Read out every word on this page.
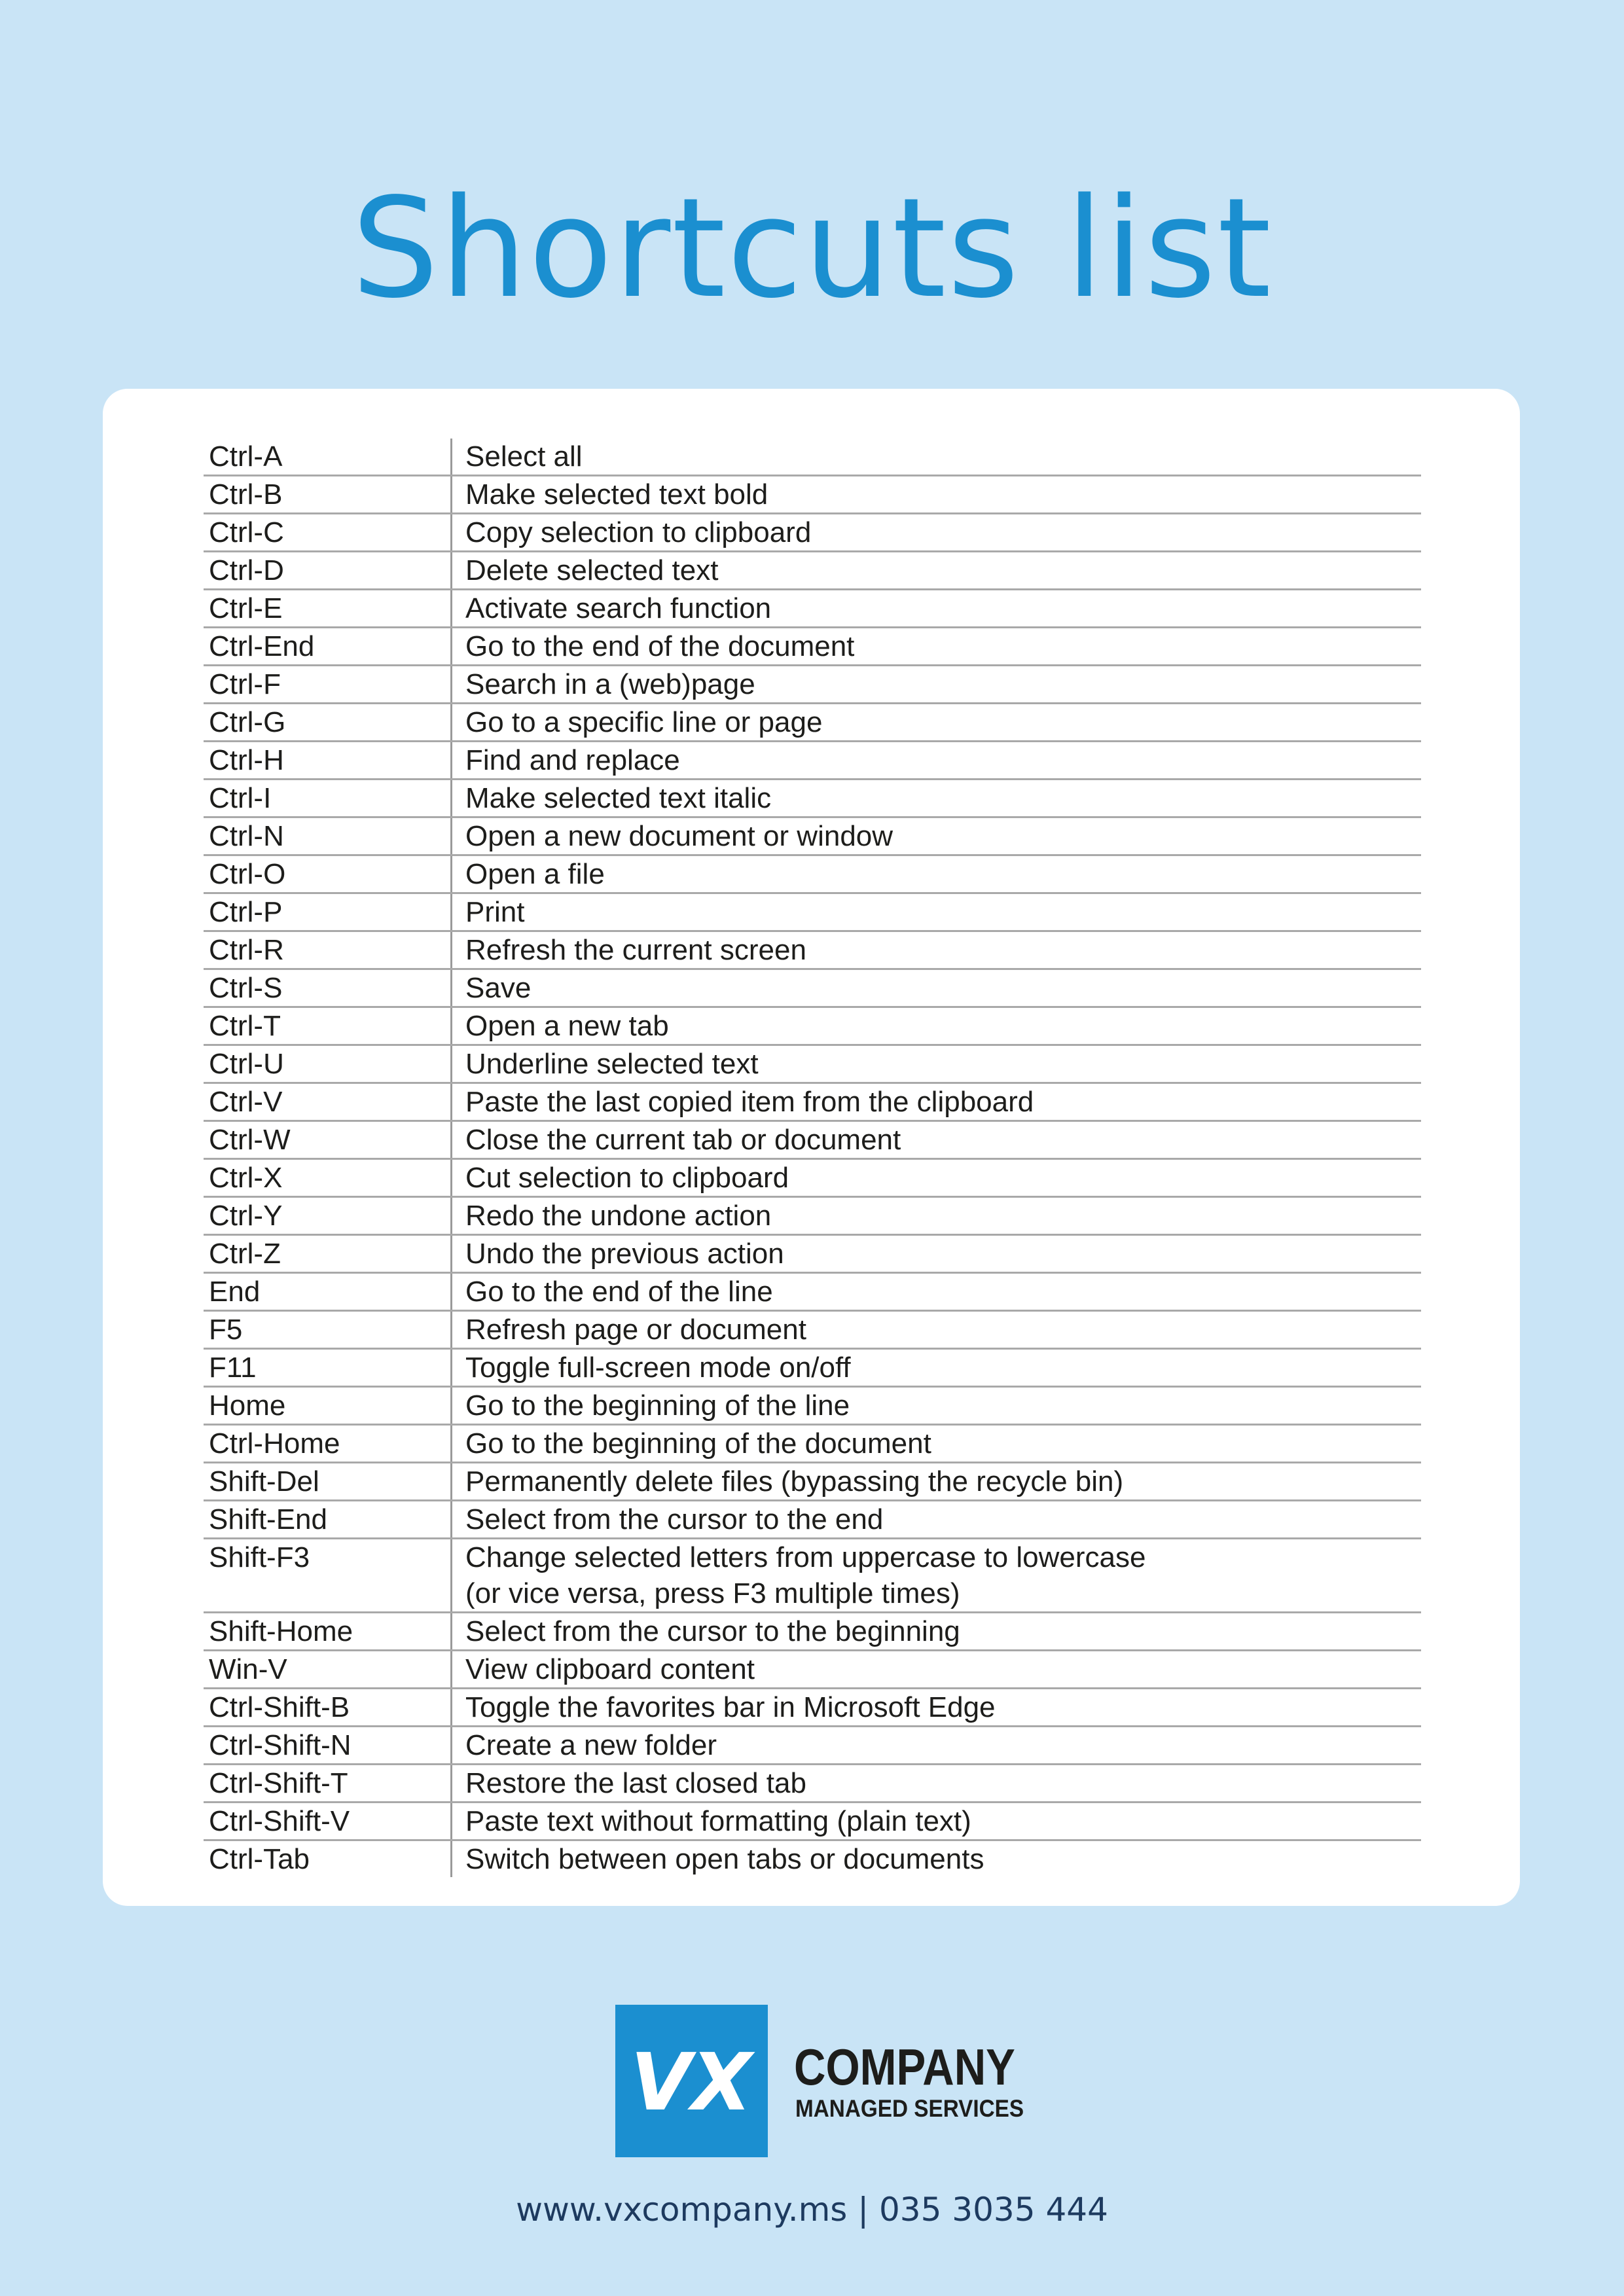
Shortcuts list
Ctrl-A	Select all
Ctrl-B	Make selected text bold
Ctrl-C	Copy selection to clipboard
Ctrl-D	Delete selected text
Ctrl-E	Activate search function
Ctrl-End	Go to the end of the document
Ctrl-F	Search in a (web)page
Ctrl-G	Go to a specific line or page
Ctrl-H	Find and replace
Ctrl-I	Make selected text italic
Ctrl-N	Open a new document or window
Ctrl-O	Open a file
Ctrl-P	Print
Ctrl-R	Refresh the current screen
Ctrl-S	Save
Ctrl-T	Open a new tab
Ctrl-U	Underline selected text
Ctrl-V	Paste the last copied item from the clipboard
Ctrl-W	Close the current tab or document
Ctrl-X	Cut selection to clipboard
Ctrl-Y	Redo the undone action
Ctrl-Z	Undo the previous action
End	Go to the end of the line
F5	Refresh page or document
F11	Toggle full-screen mode on/off
Home	Go to the beginning of the line
Ctrl-Home	Go to the beginning of the document
Shift-Del	Permanently delete files (bypassing the recycle bin)
Shift-End	Select from the cursor to the end
Shift-F3	Change selected letters from uppercase to lowercase
(or vice versa, press F3 multiple times)
Shift-Home	Select from the cursor to the beginning
Win-V	View clipboard content
Ctrl-Shift-B	Toggle the favorites bar in Microsoft Edge
Ctrl-Shift-N	Create a new folder
Ctrl-Shift-T	Restore the last closed tab
Ctrl-Shift-V	Paste text without formatting (plain text)
Ctrl-Tab	Switch between open tabs or documents
VX COMPANY
MANAGED SERVICES
www.vxcompany.ms | 035 3035 444
